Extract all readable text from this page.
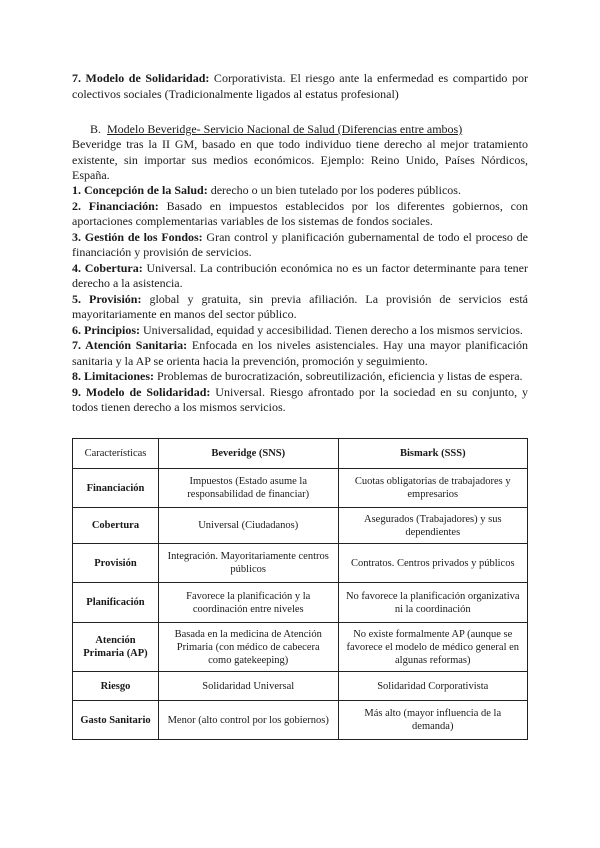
7. Modelo de Solidaridad: Corporativista. El riesgo ante la enfermedad es compartido por colectivos sociales (Tradicionalmente ligados al estatus profesional)

B. Modelo Beveridge- Servicio Nacional de Salud (Diferencias entre ambos)

Beveridge tras la II GM, basado en que todo individuo tiene derecho al mejor tratamiento existente, sin importar sus medios económicos. Ejemplo: Reino Unido, Países Nórdicos, España.

1. Concepción de la Salud: derecho o un bien tutelado por los poderes públicos.

2. Financiación: Basado en impuestos establecidos por los diferentes gobiernos, con aportaciones complementarias variables de los sistemas de fondos sociales.

3. Gestión de los Fondos: Gran control y planificación gubernamental de todo el proceso de financiación y provisión de servicios.

4. Cobertura: Universal. La contribución económica no es un factor determinante para tener derecho a la asistencia.

5. Provisión: global y gratuita, sin previa afiliación. La provisión de servicios está mayoritariamente en manos del sector público.

6. Principios: Universalidad, equidad y accesibilidad. Tienen derecho a los mismos servicios.

7. Atención Sanitaria: Enfocada en los niveles asistenciales. Hay una mayor planificación sanitaria y la AP se orienta hacia la prevención, promoción y seguimiento.

8. Limitaciones: Problemas de burocratización, sobreutilización, eficiencia y listas de espera.

9. Modelo de Solidaridad: Universal. Riesgo afrontado por la sociedad en su conjunto, y todos tienen derecho a los mismos servicios.

Características	Beveridge (SNS)	Bismark (SSS)
Financiación	Impuestos (Estado asume la responsabilidad de financiar)	Cuotas obligatorias de trabajadores y empresarios
Cobertura	Universal (Ciudadanos)	Asegurados (Trabajadores) y sus dependientes
Provisión	Integración. Mayoritariamente centros públicos	Contratos. Centros privados y públicos
Planificación	Favorece la planificación y la coordinación entre niveles	No favorece la planificación organizativa ni la coordinación
Atención Primaria (AP)	Basada en la medicina de Atención Primaria (con médico de cabecera como gatekeeping)	No existe formalmente AP (aunque se favorece el modelo de médico general en algunas reformas)
Riesgo	Solidaridad Universal	Solidaridad Corporativista
Gasto Sanitario	Menor (alto control por los gobiernos)	Más alto (mayor influencia de la demanda)
